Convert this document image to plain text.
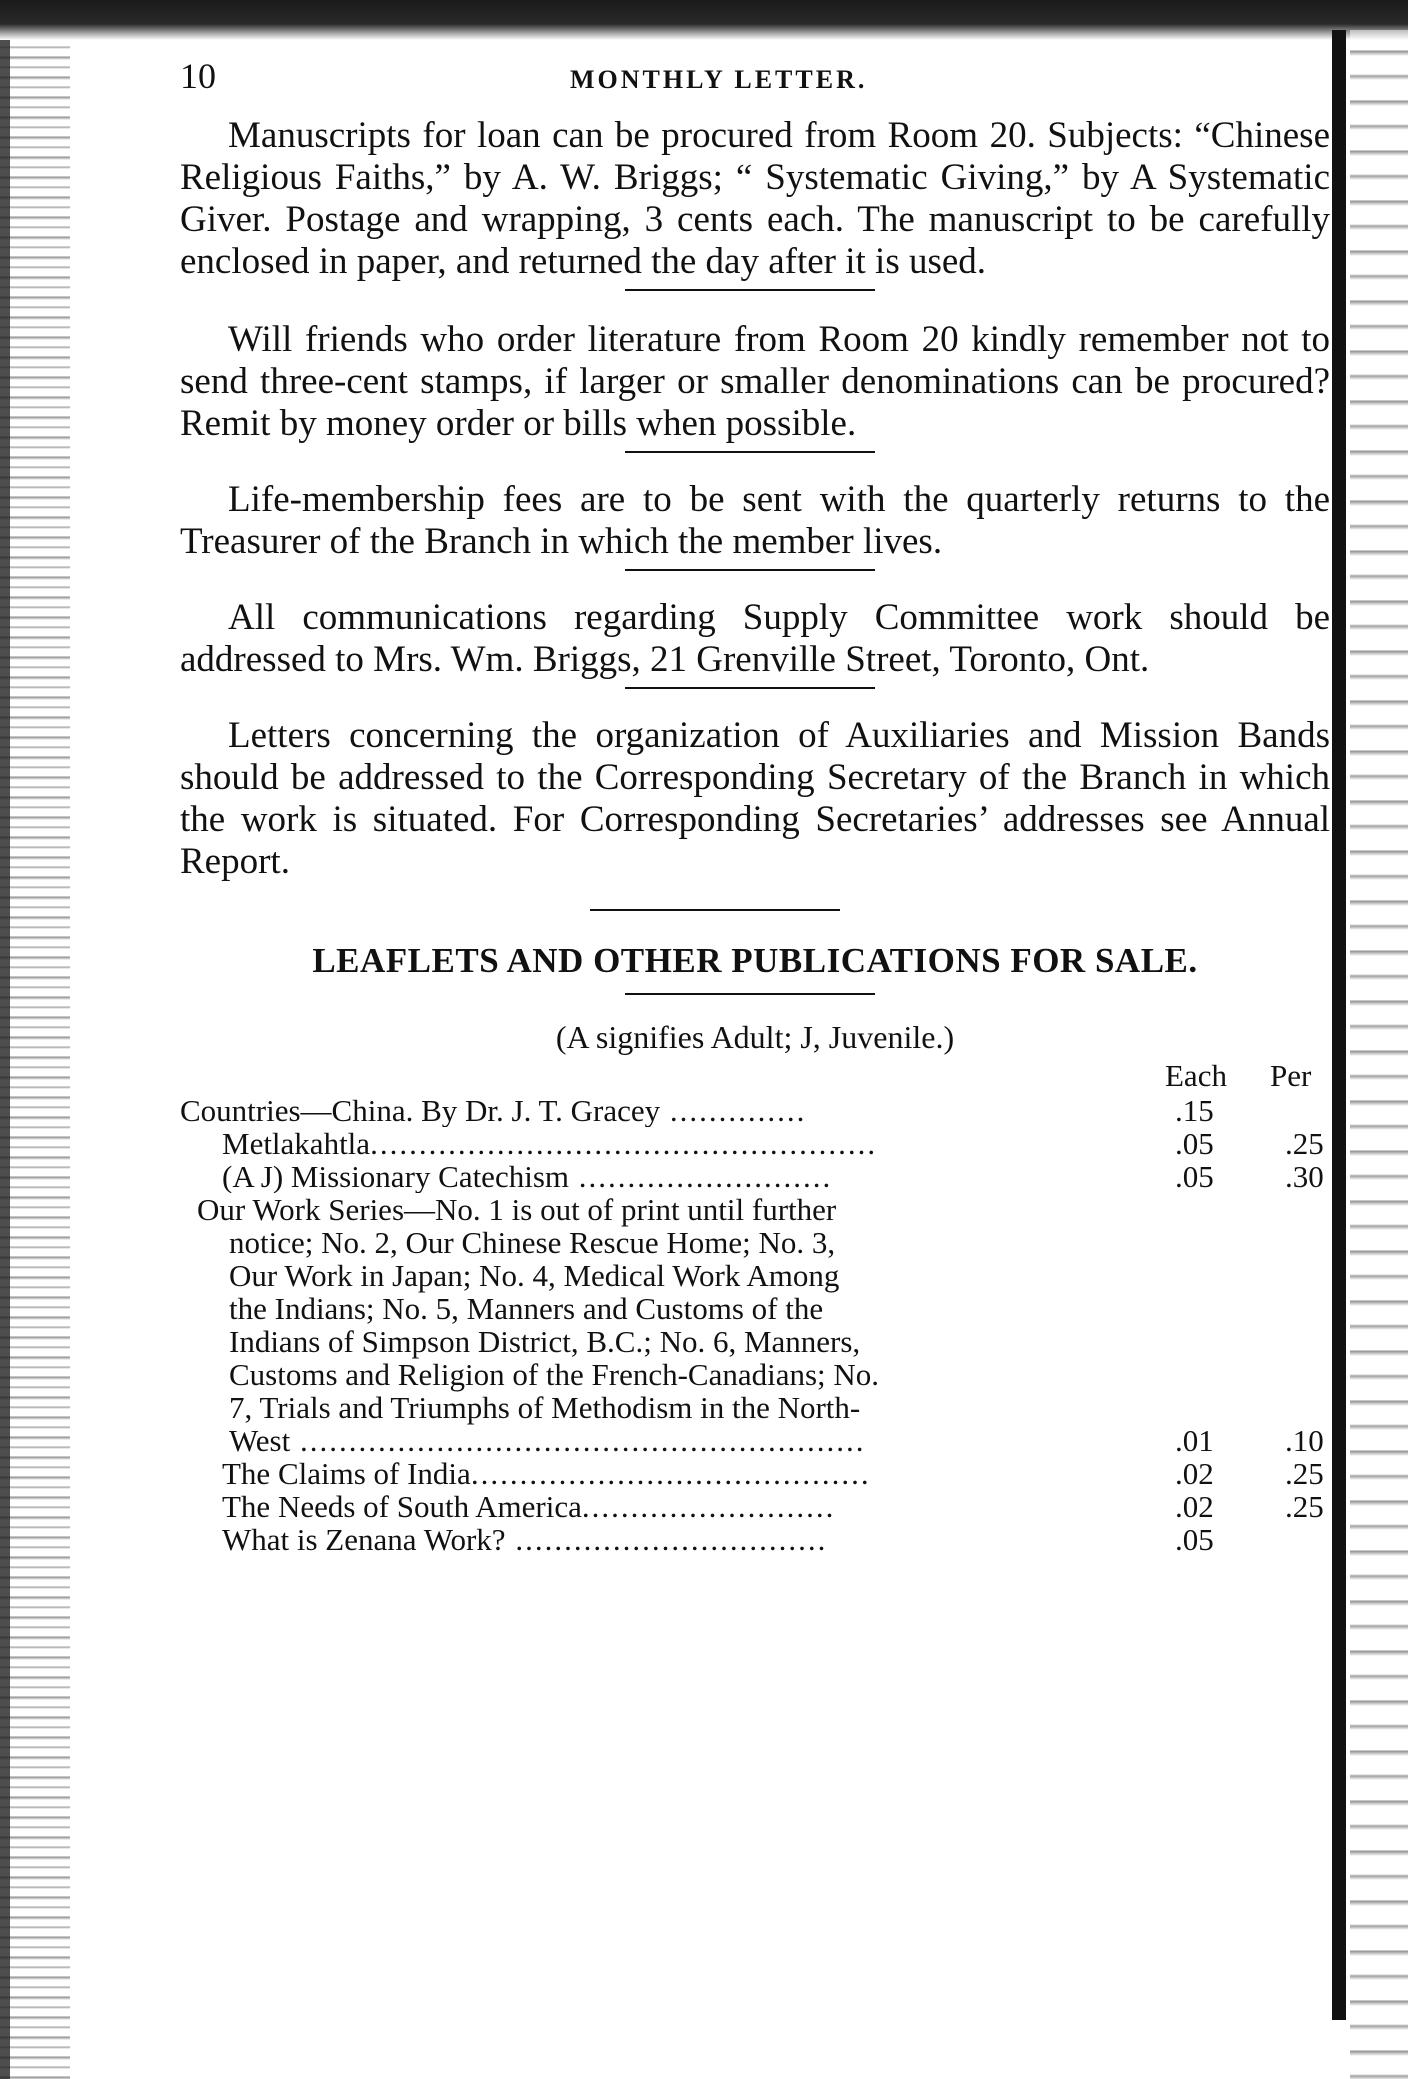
10	MONTHLY LETTER.

Manuscripts for loan can be procured from Room 20. Subjects: “Chinese Religious Faiths,” by A. W. Briggs; “ Systematic Giving,” by A Systematic Giver. Postage and wrapping, 3 cents each. The manuscript to be carefully enclosed in paper, and returned the day after it is used.

Will friends who order literature from Room 20 kindly remember not to send three-cent stamps, if larger or smaller denominations can be procured? Remit by money order or bills when possible.

Life-membership fees are to be sent with the quarterly returns to the Treasurer of the Branch in which the member lives.

All communications regarding Supply Committee work should be addressed to Mrs. Wm. Briggs, 21 Grenville Street, Toronto, Ont.

Letters concerning the organization of Auxiliaries and Mission Bands should be addressed to the Corresponding Secretary of the Branch in which the work is situated. For Corresponding Secretaries’ addresses see Annual Report.

LEAFLETS AND OTHER PUBLICATIONS FOR SALE.

(A signifies Adult; J, Juvenile.)

Each Per
Countries—China. By Dr. J. T. Gracey ..............	.15
Metlakahtla....................................................	.05 .25
(A J) Missionary Catechism ..........................	.05 .30
Our Work Series—No. 1 is out of print until further
notice; No. 2, Our Chinese Rescue Home; No. 3,
Our Work in Japan; No. 4, Medical Work Among
the Indians; No. 5, Manners and Customs of the
Indians of Simpson District, B.C.; No. 6, Manners,
Customs and Religion of the French-Canadians; No.
7, Trials and Triumphs of Methodism in the North-
West ..........................................................	.01 .10
The Claims of India.........................................	.02 .25
The Needs of South America..........................	.02 .25
What is Zenana Work? ................................	.05
